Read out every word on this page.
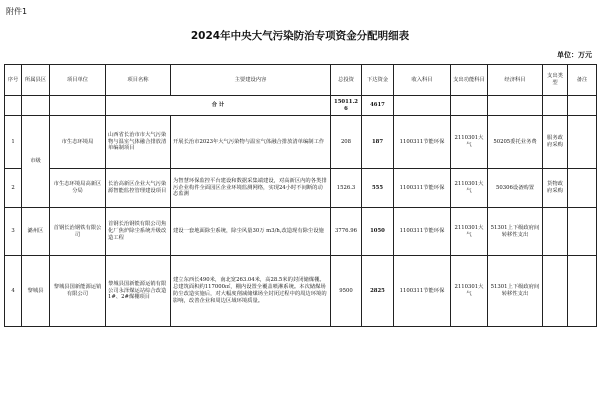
附件1
2024年中央大气污染防治专项资金分配明细表
单位：万元
序号	所属县区	项目单位	项目名称	主要建设内容	总投资	下达资金	收入科目	支出功能科目	经济科目	支出类型	备注
			合 计		15011.26	4617					
1	市级	市生态环境局	山西省长治市市大气污染物与温室气体融合排放清单编制项目	开展长治市2023年大气污染物与温室气体融合排放清单编制工作	208	187	1100311节能环保	2110301大气	50205委托业务费	服务政府采购	
2		市生态环境局高新区分局	长治高新区企业大气污染源智能监控管理建设项目	为智慧环保监控平台建设和数据采集端建设，对高新区内的各类排污企业构件全面园区企业环境监测网络，实现24小时不间断的动态监测	1526.3	555	1100311节能环保	2110301大气	50306设备购置	货物政府采购	
3	潞州区	首钢长治钢铁有限公司	首钢长治钢铁有限公司焦化厂焦炉除尘系统升级改造工程	建设一套地面除尘系统，除尘风量30万 m3/h,改造现有除尘设施	3776.96	1050	1100311节能环保	2110301大气	51301上下级政府间转移性支出		
4	黎城县	黎城县国新能源运销有限公司	黎城县国新能源运销有限公司永泽煤运站综合改造1#、2#煤棚项目	建立东西长490米，南北宽263.04米，高28.5米的封闭储煤棚。总建筑面积约117000㎡，棚内设置全覆盖喷淋系统。本次储煤场防尘改造实施后，对大幅度削减储煤场全封闭过程中的周边环境的影响，改善企业和周边区域环境质量。	9500	2825	1100311节能环保	2110301大气	51301上下级政府间转移性支出		
